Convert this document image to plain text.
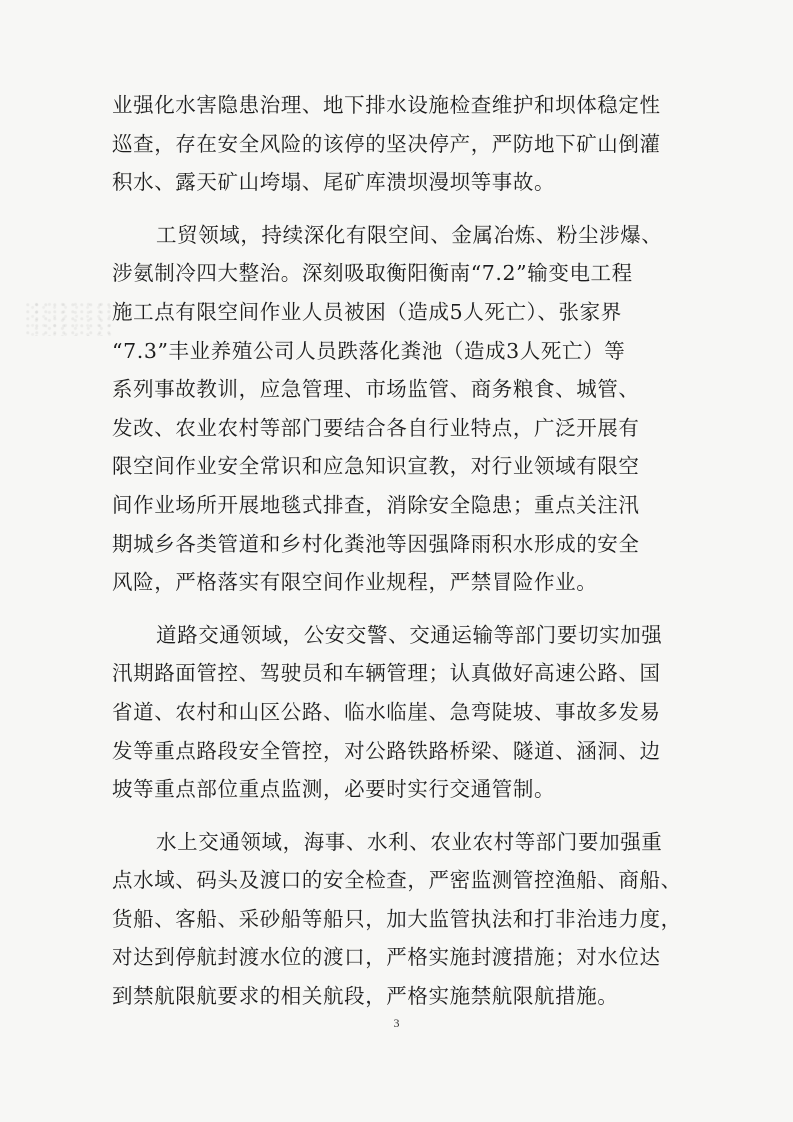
业强化水害隐患治理、地下排水设施检查维护和坝体稳定性
巡查，存在安全风险的该停的坚决停产，严防地下矿山倒灌
积水、露天矿山垮塌、尾矿库溃坝漫坝等事故。
工贸领域，持续深化有限空间、金属冶炼、粉尘涉爆、
涉氨制冷四大整治。深刻吸取衡阳衡南“7.2”输变电工程
施工点有限空间作业人员被困（造成5人死亡）、张家界
“7.3”丰业养殖公司人员跌落化粪池（造成3人死亡）等
系列事故教训，应急管理、市场监管、商务粮食、城管、
发改、农业农村等部门要结合各自行业特点，广泛开展有
限空间作业安全常识和应急知识宣教，对行业领域有限空
间作业场所开展地毯式排查，消除安全隐患；重点关注汛
期城乡各类管道和乡村化粪池等因强降雨积水形成的安全
风险，严格落实有限空间作业规程，严禁冒险作业。
道路交通领域，公安交警、交通运输等部门要切实加强
汛期路面管控、驾驶员和车辆管理；认真做好高速公路、国
省道、农村和山区公路、临水临崖、急弯陡坡、事故多发易
发等重点路段安全管控，对公路铁路桥梁、隧道、涵洞、边
坡等重点部位重点监测，必要时实行交通管制。
水上交通领域，海事、水利、农业农村等部门要加强重
点水域、码头及渡口的安全检查，严密监测管控渔船、商船、
货船、客船、采砂船等船只，加大监管执法和打非治违力度，
对达到停航封渡水位的渡口，严格实施封渡措施；对水位达
到禁航限航要求的相关航段，严格实施禁航限航措施。
3
